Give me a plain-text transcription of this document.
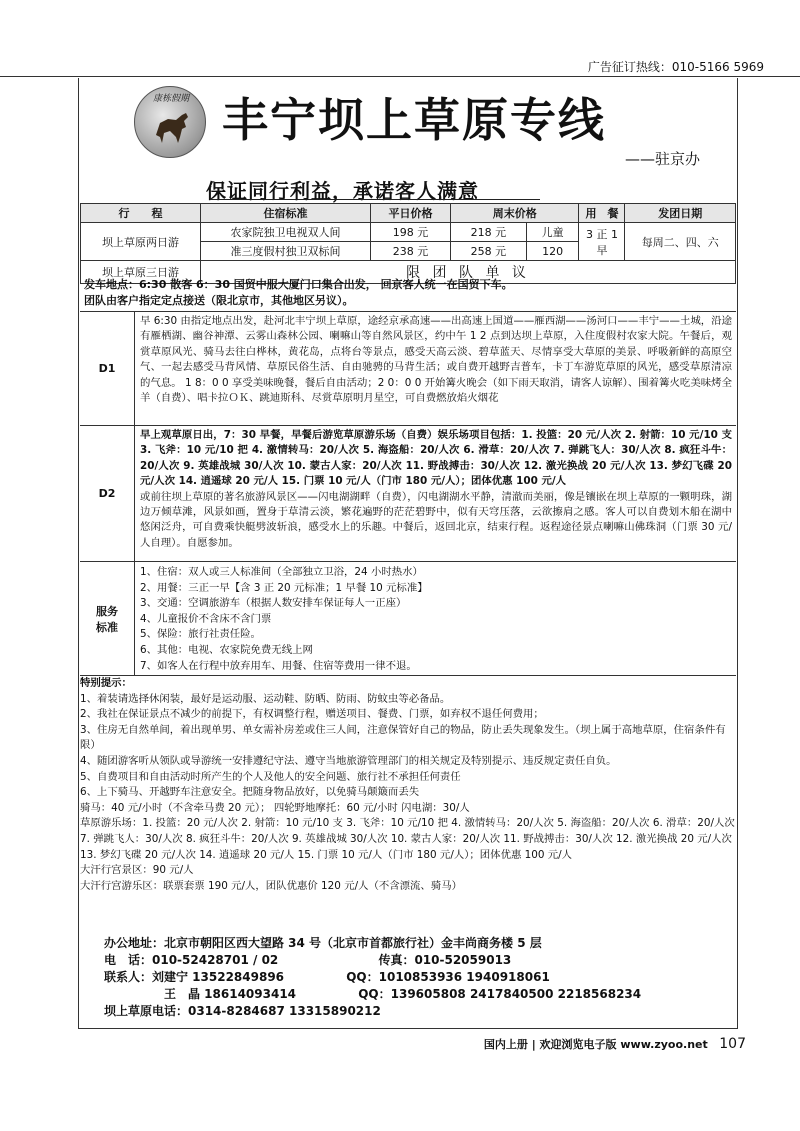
广告征订热线：010-5166 5969
康栋假期 丰宁坝上草原专线
——驻京办
保证同行利益，承诺客人满意
行　　程	住宿标准	平日价格	周末价格		用　餐	发团日期
坝上草原两日游	农家院独卫电视双人间	198 元	218 元	儿童	3 正 1 早	每周二、四、六
	准三度假村独卫双标间	238 元	258 元	120		
坝上草原三日游	限 团 队 单 议					
发车地点：6:30 散客 6：30 国贸中服大厦门口集合出发， 回京客人统一在国贸下车。
团队由客户指定定点接送（限北京市，其他地区另议）。
D1
早 6:30 由指定地点出发，赴河北丰宁坝上草原，途经京承高速——出高速上国道——雁西湖——汤河口——丰宁——土城，沿途有雁栖湖、幽谷神潭、云雾山森林公园、喇嘛山等自然风景区，约中午 1 2 点到达坝上草原，入住度假村农家大院。午餐后，观赏草原风光、骑马去往白桦林，黄花岛，点将台等景点，感受天高云淡、碧草蓝天、尽情享受大草原的美景、呼吸新鲜的高原空气、一起去感受马背风情、草原民俗生活、自由驰骋的马背生活；或自费开越野吉普车，卡丁车游览草原的风光，感受草原清凉的气息。 1 8：0 0 享受美味晚餐，餐后自由活动；2 0：0 0 开始篝火晚会（如下雨天取消，请客人谅解）、围着篝火吃美味烤全羊（自费）、唱卡拉ＯＫ、跳迪斯科、尽赏草原明月星空，可自费燃放焰火烟花
D2
早上观草原日出，7：30 早餐，早餐后游览草原游乐场（自费）娱乐场项目包括：1. 投篮：20 元/人次 2. 射箭：10 元/10 支 3. 飞斧：10 元/10 把 4. 激情转马：20/人次 5. 海盗船：20/人次 6. 滑草：20/人次 7. 弹跳飞人：30/人次 8. 疯狂斗牛：20/人次 9. 英雄战城 30/人次 10. 蒙古人家：20/人次 11. 野战搏击：30/人次 12. 激光换战 20 元/人次 13. 梦幻飞碟 20 元/人次 14. 逍遥球 20 元/人 15. 门票 10 元/人（门市 180 元/人）；团体优惠 100 元/人
或前往坝上草原的著名旅游风景区——闪电湖湖畔（自费），闪电湖湖水平静，清澈而美丽，像是镶嵌在坝上草原的一颗明珠，湖边万倾草滩，风景如画，置身于草清云淡，繁花遍野的茫茫碧野中，似有天穹压落，云欲擦肩之感。客人可以自费划木船在湖中悠闲泛舟，可自费乘快艇劈波斩浪，感受水上的乐趣。中餐后，返回北京，结束行程。返程途径景点喇嘛山佛珠洞（门票 30 元/人自理）。自愿参加。
服务标准
1、住宿：双人或三人标准间（全部独立卫浴，24 小时热水）
2、用餐：三正一早【含 3 正 20 元标准；1 早餐 10 元标准】
3、交通：空调旅游车（根据人数安排车保证每人一正座）
4、儿童报价不含床不含门票
5、保险：旅行社责任险。
6、其他：电视、农家院免费无线上网
7、如客人在行程中放弃用车、用餐、住宿等费用一律不退。
特别提示：
1、着装请选择休闲装，最好是运动服、运动鞋、防晒、防雨、防蚊虫等必备品。
2、我社在保证景点不减少的前提下，有权调整行程，赠送项目、餐费、门票，如弃权不退任何费用；
3、住房无自然单间，着出现单男、单女需补房差或住三人间，注意保管好自己的物品，防止丢失现象发生。（坝上属于高地草原，住宿条件有限）
4、随团游客听从领队或导游统一安排遵纪守法、遵守当地旅游管理部门的相关规定及特别提示、违反规定责任自负。
5、自费项目和自由活动时所产生的个人及他人的安全问题、旅行社不承担任何责任
6、上下骑马、开越野车注意安全。把随身物品放好，以免骑马颠簸而丢失
骑马：40 元/小时（不含牵马费 20 元）； 四轮野地摩托：60 元/小时 闪电湖：30/人
草原游乐场：1. 投篮：20 元/人次 2. 射箭：10 元/10 支 3. 飞斧：10 元/10 把 4. 激情转马：20/人次 5. 海盗船：20/人次 6. 滑草：20/人次 7. 弹跳飞人：30/人次 8. 疯狂斗牛：20/人次 9. 英雄战城 30/人次 10. 蒙古人家：20/人次 11. 野战搏击：30/人次 12. 激光换战 20 元/人次 13. 梦幻飞碟 20 元/人次 14. 逍遥球 20 元/人 15. 门票 10 元/人（门市 180 元/人）；团体优惠 100 元/人
大汗行宫景区：90 元/人
大汗行宫游乐区：联票套票 190 元/人，团队优惠价 120 元/人（不含漂流、骑马）
办公地址：北京市朝阳区西大望路 34 号（北京市首都旅行社）金丰尚商务楼 5 层
电　话：010-52428701 / 02	传真：010-52059013
联系人：刘建宁 13522849896	QQ：1010853936 1940918061
王　晶 18614093414	QQ：139605808 2417840500 2218568234
坝上草原电话：0314-8284687 13315890212
国内上册 | 欢迎浏览电子版 www.zyoo.net 107
